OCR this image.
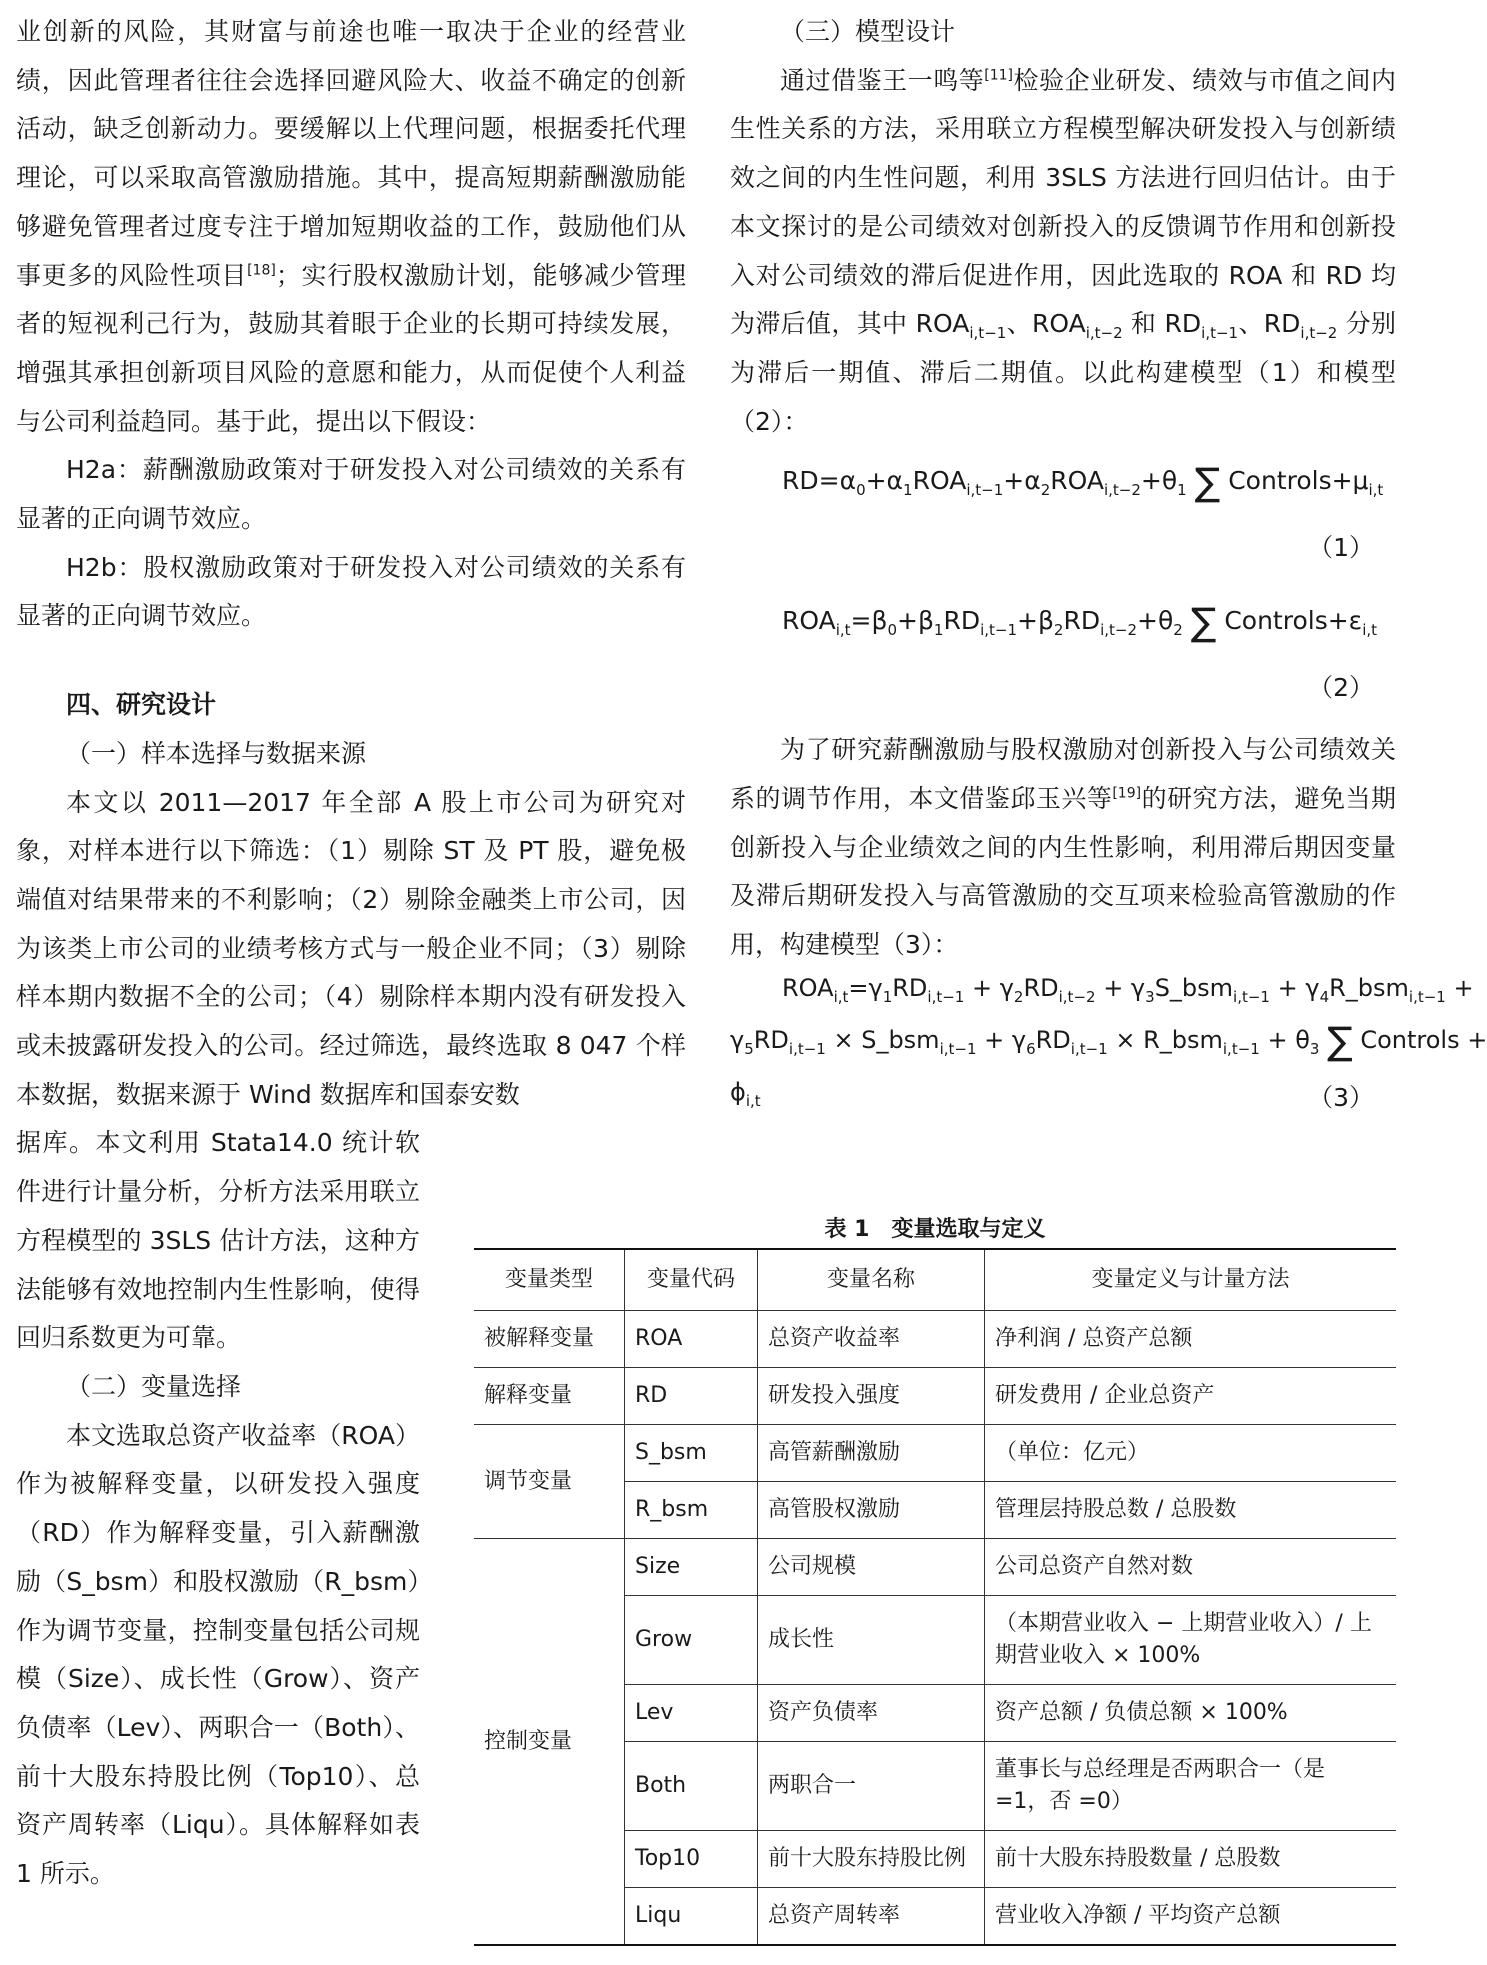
业创新的风险，其财富与前途也唯一取决于企业的经营业绩，因此管理者往往会选择回避风险大、收益不确定的创新活动，缺乏创新动力。要缓解以上代理问题，根据委托代理理论，可以采取高管激励措施。其中，提高短期薪酬激励能够避免管理者过度专注于增加短期收益的工作，鼓励他们从事更多的风险性项目[18]；实行股权激励计划，能够减少管理者的短视利己行为，鼓励其着眼于企业的长期可持续发展，增强其承担创新项目风险的意愿和能力，从而促使个人利益与公司利益趋同。基于此，提出以下假设：

H2a：薪酬激励政策对于研发投入对公司绩效的关系有显著的正向调节效应。

H2b：股权激励政策对于研发投入对公司绩效的关系有显著的正向调节效应。

四、研究设计

（一）样本选择与数据来源

本文以 2011—2017 年全部 A 股上市公司为研究对象，对样本进行以下筛选：（1）剔除 ST 及 PT 股，避免极端值对结果带来的不利影响；（2）剔除金融类上市公司，因为该类上市公司的业绩考核方式与一般企业不同；（3）剔除样本期内数据不全的公司；（4）剔除样本期内没有研发投入或未披露研发投入的公司。经过筛选，最终选取 8 047 个样本数据，数据来源于 Wind 数据库和国泰安数

据库。本文利用 Stata14.0 统计软件进行计量分析，分析方法采用联立方程模型的 3SLS 估计方法，这种方法能够有效地控制内生性影响，使得回归系数更为可靠。

（二）变量选择

本文选取总资产收益率（ROA）作为被解释变量，以研发投入强度（RD）作为解释变量，引入薪酬激励（S_bsm）和股权激励（R_bsm）作为调节变量，控制变量包括公司规模（Size）、成长性（Grow）、资产负债率（Lev）、两职合一（Both）、前十大股东持股比例（Top10）、总资产周转率（Liqu）。具体解释如表 1 所示。

（三）模型设计

通过借鉴王一鸣等[11]检验企业研发、绩效与市值之间内生性关系的方法，采用联立方程模型解决研发投入与创新绩效之间的内生性问题，利用 3SLS 方法进行回归估计。由于本文探讨的是公司绩效对创新投入的反馈调节作用和创新投入对公司绩效的滞后促进作用，因此选取的 ROA 和 RD 均为滞后值，其中 $ROA_{i,t-1}$、$ROA_{i,t-2}$ 和 $RD_{i,t-1}$、$RD_{i,t-2}$ 分别为滞后一期值、滞后二期值。以此构建模型（1）和模型（2）：

$RD=\alpha_0+\alpha_1ROA_{i,t-1}+\alpha_2ROA_{i,t-2}+\theta_1$ ∑ $Controls+\mu_{i,t}$
（1）
$ROA_{i,t}=\beta_0+\beta_1RD_{i,t-1}+\beta_2RD_{i,t-2}+\theta_2$ ∑ $Controls+\varepsilon_{i,t}$
（2）

为了研究薪酬激励与股权激励对创新投入与公司绩效关系的调节作用，本文借鉴邱玉兴等[19]的研究方法，避免当期创新投入与企业绩效之间的内生性影响，利用滞后期因变量及滞后期研发投入与高管激励的交互项来检验高管激励的作用，构建模型（3）：

$ROA_{i,t}=\gamma_1RD_{i,t-1} + \gamma_2RD_{i,t-2}$ + $\gamma_3S\_bsm_{i,t-1}$ + $\gamma_4R\_bsm_{i,t-1}$ +
$\gamma_5RD_{i,t-1}$ × S_bsm$_{i,t-1}$ + $\gamma_6RD_{i,t-1}$ × R_bsm$_{i,t-1}$ + $\theta_3$ ∑ Controls +
$\phi_{i,t}$	（3）
表 1　变量选取与定义
变量类型	变量代码	变量名称	变量定义与计量方法
被解释变量	ROA	总资产收益率	净利润 / 总资产总额
解释变量	RD	研发投入强度	研发费用 / 企业总资产
调节变量	S_bsm	高管薪酬激励	（单位：亿元）
	R_bsm	高管股权激励	管理层持股总数 / 总股数
控制变量	Size	公司规模	公司总资产自然对数
	Grow	成长性	（本期营业收入 − 上期营业收入）/ 上期营业收入 × 100%
	Lev	资产负债率	资产总额 / 负债总额 × 100%
	Both	两职合一	董事长与总经理是否两职合一（是 =1，否 =0）
	Top10	前十大股东持股比例	前十大股东持股数量 / 总股数
	Liqu	总资产周转率	营业收入净额 / 平均资产总额
